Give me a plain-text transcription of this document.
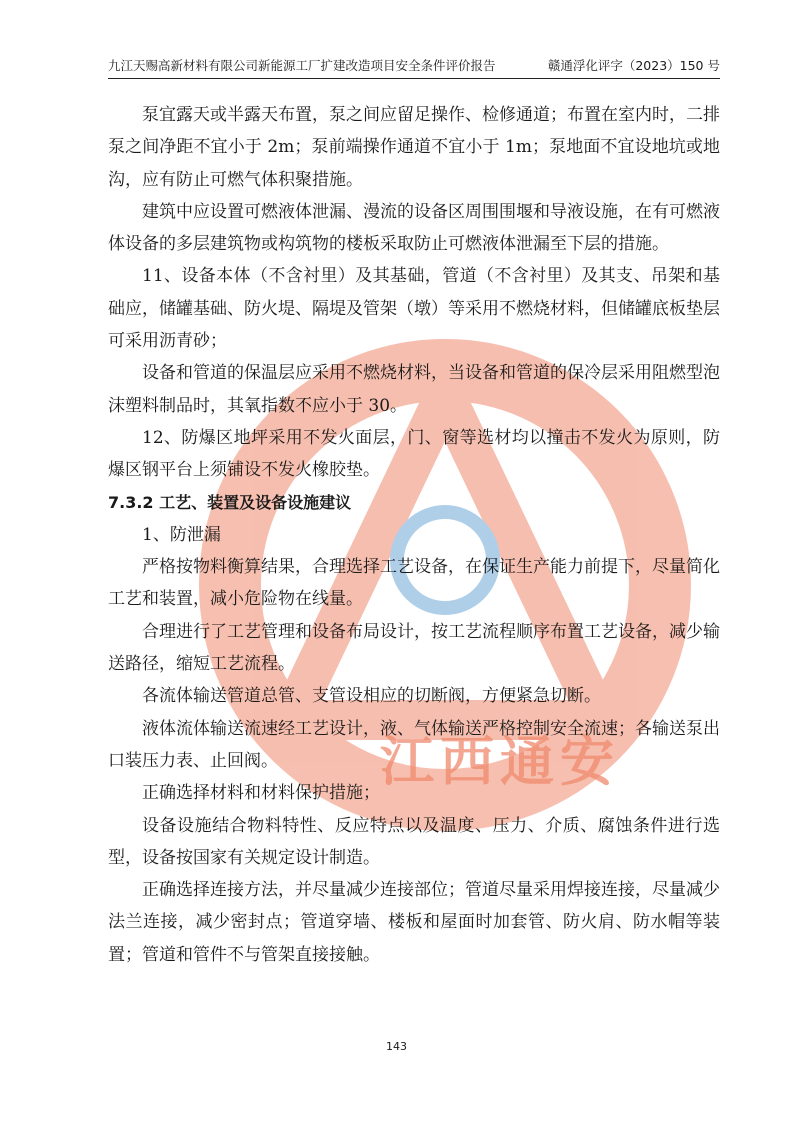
九江天赐高新材料有限公司新能源工厂扩建改造项目安全条件评价报告	赣通浮化评字（2023）150 号
江西通安

泵宜露天或半露天布置，泵之间应留足操作、检修通道；布置在室内时，二排泵之间净距不宜小于 2m；泵前端操作通道不宜小于 1m；泵地面不宜设地坑或地沟，应有防止可燃气体积聚措施。

建筑中应设置可燃液体泄漏、漫流的设备区周围围堰和导液设施，在有可燃液体设备的多层建筑物或构筑物的楼板采取防止可燃液体泄漏至下层的措施。

11、设备本体（不含衬里）及其基础，管道（不含衬里）及其支、吊架和基础应，储罐基础、防火堤、隔堤及管架（墩）等采用不燃烧材料，但储罐底板垫层可采用沥青砂；

设备和管道的保温层应采用不燃烧材料，当设备和管道的保冷层采用阻燃型泡沫塑料制品时，其氧指数不应小于 30。

12、防爆区地坪采用不发火面层，门、窗等选材均以撞击不发火为原则，防爆区钢平台上须铺设不发火橡胶垫。

7.3.2 工艺、装置及设备设施建议

1、防泄漏

严格按物料衡算结果，合理选择工艺设备，在保证生产能力前提下，尽量简化工艺和装置，减小危险物在线量。

合理进行了工艺管理和设备布局设计，按工艺流程顺序布置工艺设备，减少输送路径，缩短工艺流程。

各流体输送管道总管、支管设相应的切断阀，方便紧急切断。

液体流体输送流速经工艺设计，液、气体输送严格控制安全流速；各输送泵出口装压力表、止回阀。

正确选择材料和材料保护措施；

设备设施结合物料特性、反应特点以及温度、压力、介质、腐蚀条件进行选型，设备按国家有关规定设计制造。

正确选择连接方法，并尽量减少连接部位；管道尽量采用焊接连接，尽量减少法兰连接，减少密封点；管道穿墙、楼板和屋面时加套管、防火肩、防水帽等装置；管道和管件不与管架直接接触。

143
